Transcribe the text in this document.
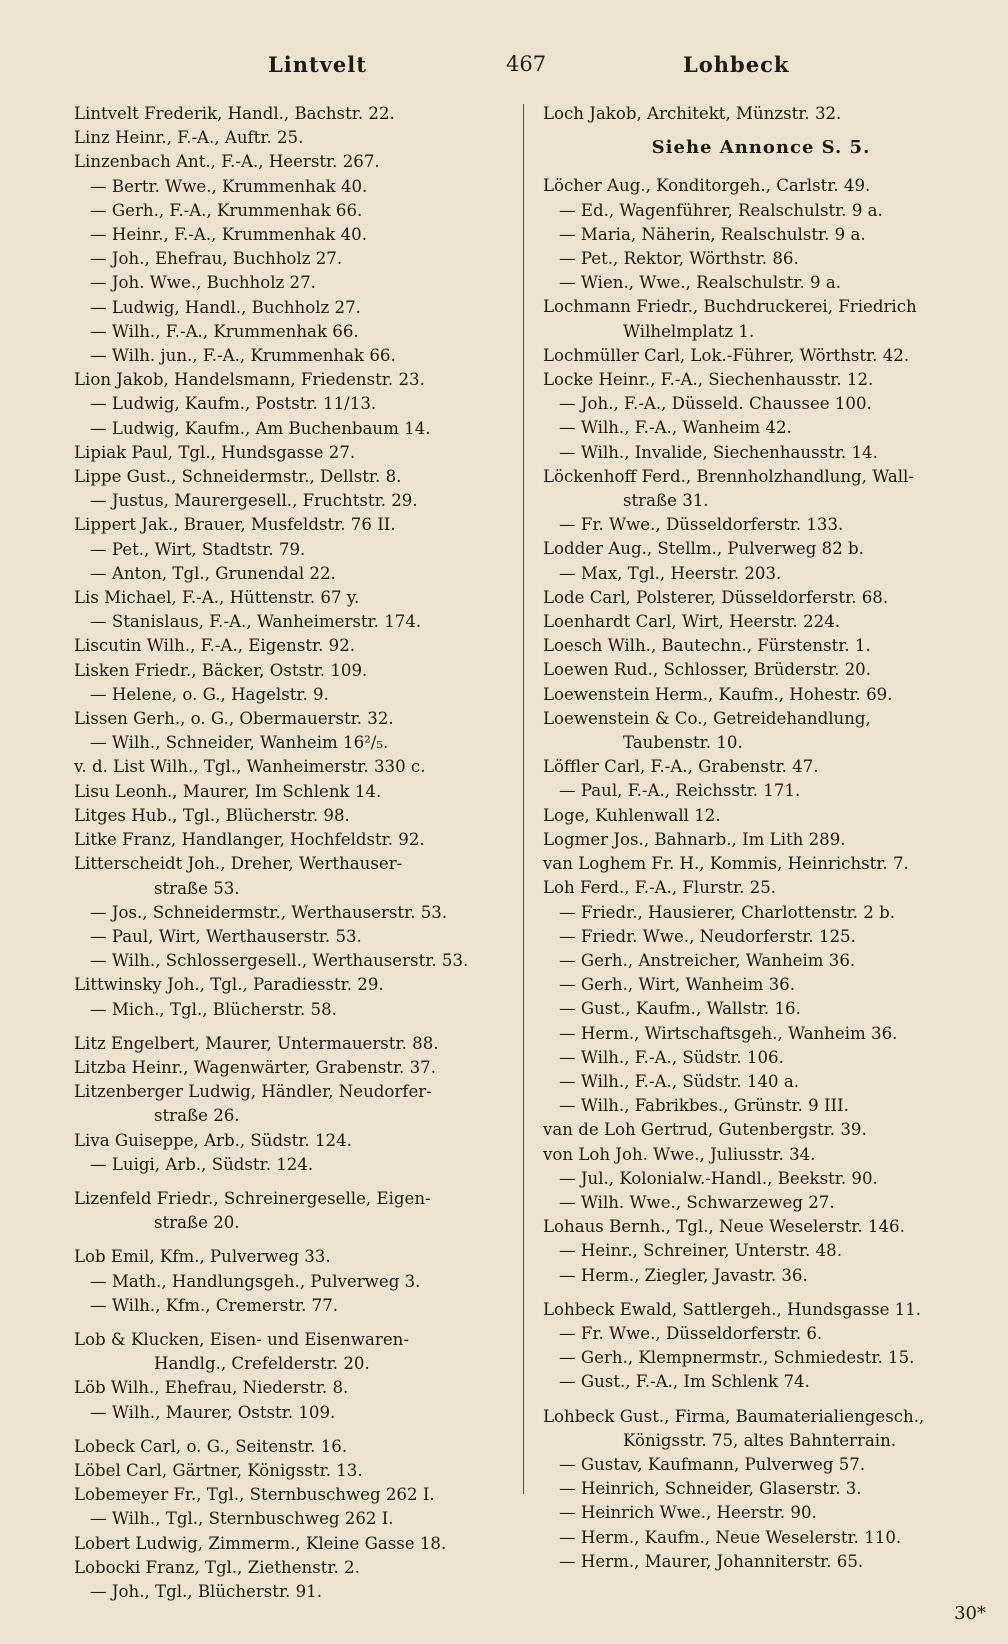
Lintvelt	467	Lohbeck
Lintvelt Frederik, Handl., Bachstr. 22.
Linz Heinr., F.-A., Auftr. 25.
Linzenbach Ant., F.-A., Heerstr. 267.
— Bertr. Wwe., Krummenhak 40.
— Gerh., F.-A., Krummenhak 66.
— Heinr., F.-A., Krummenhak 40.
— Joh., Ehefrau, Buchholz 27.
— Joh. Wwe., Buchholz 27.
— Ludwig, Handl., Buchholz 27.
— Wilh., F.-A., Krummenhak 66.
— Wilh. jun., F.-A., Krummenhak 66.
Lion Jakob, Handelsmann, Friedenstr. 23.
— Ludwig, Kaufm., Poststr. 11/13.
— Ludwig, Kaufm., Am Buchenbaum 14.
Lipiak Paul, Tgl., Hundsgasse 27.
Lippe Gust., Schneidermstr., Dellstr. 8.
— Justus, Maurergesell., Fruchtstr. 29.
Lippert Jak., Brauer, Musfeldstr. 76 II.
— Pet., Wirt, Stadtstr. 79.
— Anton, Tgl., Grunendal 22.
Lis Michael, F.-A., Hüttenstr. 67 y.
— Stanislaus, F.-A., Wanheimerstr. 174.
Liscutin Wilh., F.-A., Eigenstr. 92.
Lisken Friedr., Bäcker, Oststr. 109.
— Helene, o. G., Hagelstr. 9.
Lissen Gerh., o. G., Obermauerstr. 32.
— Wilh., Schneider, Wanheim 16²/₅.
v. d. List Wilh., Tgl., Wanheimerstr. 330 c.
Lisu Leonh., Maurer, Im Schlenk 14.
Litges Hub., Tgl., Blücherstr. 98.
Litke Franz, Handlanger, Hochfeldstr. 92.
Litterscheidt Joh., Dreher, Werthauser-
straße 53.
— Jos., Schneidermstr., Werthauserstr. 53.
— Paul, Wirt, Werthauserstr. 53.
— Wilh., Schlossergesell., Werthauserstr. 53.
Littwinsky Joh., Tgl., Paradiesstr. 29.
— Mich., Tgl., Blücherstr. 58.
Litz Engelbert, Maurer, Untermauerstr. 88.
Litzba Heinr., Wagenwärter, Grabenstr. 37.
Litzenberger Ludwig, Händler, Neudorfer-
straße 26.
Liva Guiseppe, Arb., Südstr. 124.
— Luigi, Arb., Südstr. 124.
Lizenfeld Friedr., Schreinergeselle, Eigen-
straße 20.
Lob Emil, Kfm., Pulverweg 33.
— Math., Handlungsgeh., Pulverweg 3.
— Wilh., Kfm., Cremerstr. 77.
Lob & Klucken, Eisen- und Eisenwaren-
Handlg., Crefelderstr. 20.
Löb Wilh., Ehefrau, Niederstr. 8.
— Wilh., Maurer, Oststr. 109.
Lobeck Carl, o. G., Seitenstr. 16.
Löbel Carl, Gärtner, Königsstr. 13.
Lobemeyer Fr., Tgl., Sternbuschweg 262 I.
— Wilh., Tgl., Sternbuschweg 262 I.
Lobert Ludwig, Zimmerm., Kleine Gasse 18.
Lobocki Franz, Tgl., Ziethenstr. 2.
— Joh., Tgl., Blücherstr. 91.
Loch Jakob, Architekt, Münzstr. 32.
Siehe Annonce S. 5.
Löcher Aug., Konditorgeh., Carlstr. 49.
— Ed., Wagenführer, Realschulstr. 9 a.
— Maria, Näherin, Realschulstr. 9 a.
— Pet., Rektor, Wörthstr. 86.
— Wien., Wwe., Realschulstr. 9 a.
Lochmann Friedr., Buchdruckerei, Friedrich
Wilhelmplatz 1.
Lochmüller Carl, Lok.-Führer, Wörthstr. 42.
Locke Heinr., F.-A., Siechenhausstr. 12.
— Joh., F.-A., Düsseld. Chaussee 100.
— Wilh., F.-A., Wanheim 42.
— Wilh., Invalide, Siechenhausstr. 14.
Löckenhoff Ferd., Brennholzhandlung, Wall-
straße 31.
— Fr. Wwe., Düsseldorferstr. 133.
Lodder Aug., Stellm., Pulverweg 82 b.
— Max, Tgl., Heerstr. 203.
Lode Carl, Polsterer, Düsseldorferstr. 68.
Loenhardt Carl, Wirt, Heerstr. 224.
Loesch Wilh., Bautechn., Fürstenstr. 1.
Loewen Rud., Schlosser, Brüderstr. 20.
Loewenstein Herm., Kaufm., Hohestr. 69.
Loewenstein & Co., Getreidehandlung,
Taubenstr. 10.
Löffler Carl, F.-A., Grabenstr. 47.
— Paul, F.-A., Reichsstr. 171.
Loge, Kuhlenwall 12.
Logmer Jos., Bahnarb., Im Lith 289.
van Loghem Fr. H., Kommis, Heinrichstr. 7.
Loh Ferd., F.-A., Flurstr. 25.
— Friedr., Hausierer, Charlottenstr. 2 b.
— Friedr. Wwe., Neudorferstr. 125.
— Gerh., Anstreicher, Wanheim 36.
— Gerh., Wirt, Wanheim 36.
— Gust., Kaufm., Wallstr. 16.
— Herm., Wirtschaftsgeh., Wanheim 36.
— Wilh., F.-A., Südstr. 106.
— Wilh., F.-A., Südstr. 140 a.
— Wilh., Fabrikbes., Grünstr. 9 III.
van de Loh Gertrud, Gutenbergstr. 39.
von Loh Joh. Wwe., Juliusstr. 34.
— Jul., Kolonialw.-Handl., Beekstr. 90.
— Wilh. Wwe., Schwarzeweg 27.
Lohaus Bernh., Tgl., Neue Weselerstr. 146.
— Heinr., Schreiner, Unterstr. 48.
— Herm., Ziegler, Javastr. 36.
Lohbeck Ewald, Sattlergeh., Hundsgasse 11.
— Fr. Wwe., Düsseldorferstr. 6.
— Gerh., Klempnermstr., Schmiedestr. 15.
— Gust., F.-A., Im Schlenk 74.
Lohbeck Gust., Firma, Baumaterialiengesch.,
Königsstr. 75, altes Bahnterrain.
— Gustav, Kaufmann, Pulverweg 57.
— Heinrich, Schneider, Glaserstr. 3.
— Heinrich Wwe., Heerstr. 90.
— Herm., Kaufm., Neue Weselerstr. 110.
— Herm., Maurer, Johanniterstr. 65.
30*
